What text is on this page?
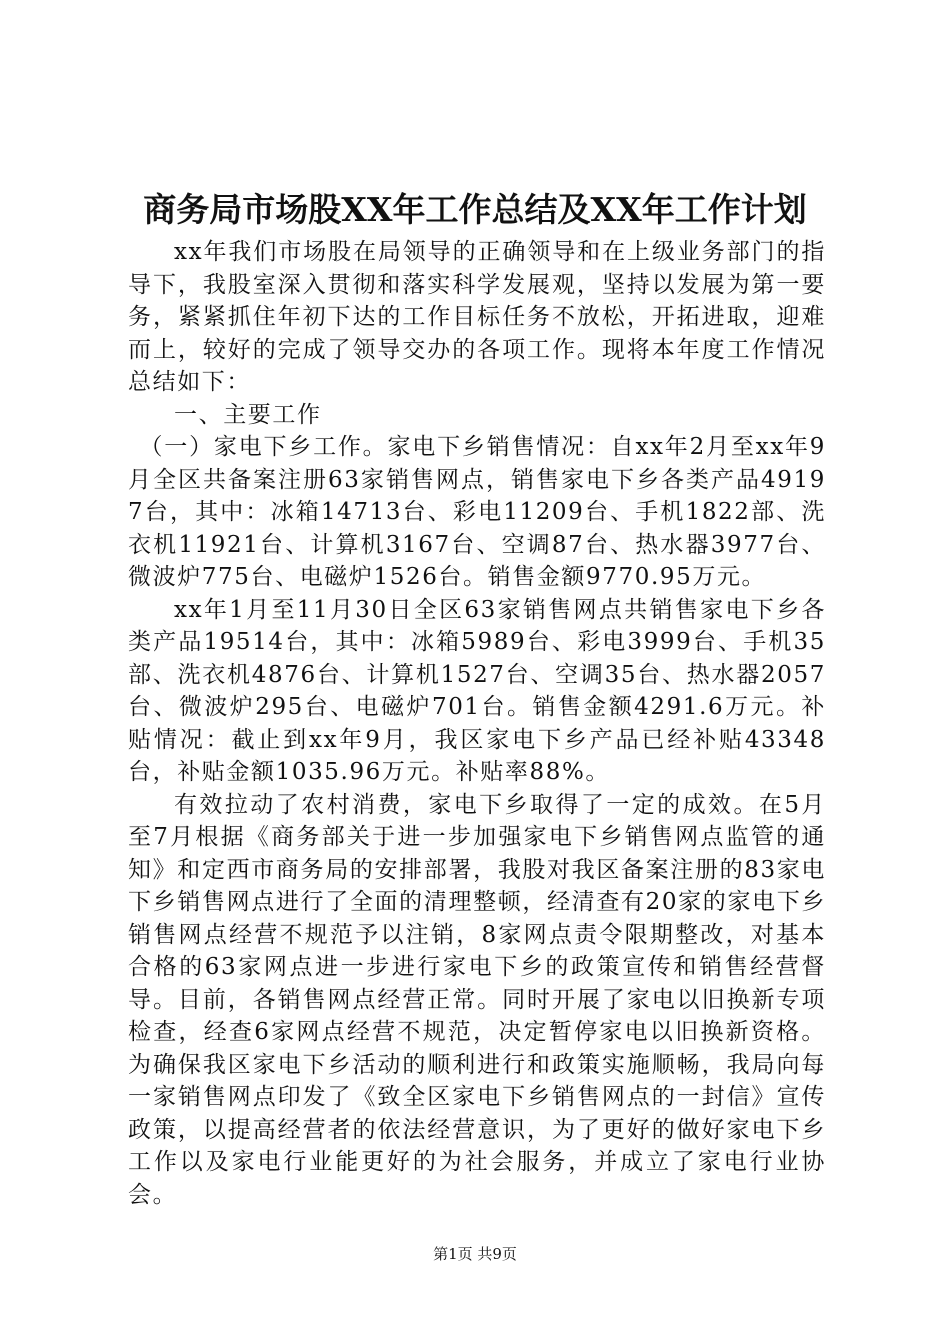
商务局市场股XX年工作总结及XX年工作计划

xx年我们市场股在局领导的正确领导和在上级业务部门的指导下，我股室深入贯彻和落实科学发展观，坚持以发展为第一要务，紧紧抓住年初下达的工作目标任务不放松，开拓进取，迎难而上，较好的完成了领导交办的各项工作。现将本年度工作情况总结如下：

一、主要工作

（一）家电下乡工作。家电下乡销售情况：自xx年2月至xx年9月全区共备案注册63家销售网点，销售家电下乡各类产品49197台，其中：冰箱14713台、彩电11209台、手机1822部、洗衣机11921台、计算机3167台、空调87台、热水器3977台、微波炉775台、电磁炉1526台。销售金额9770.95万元。

xx年1月至11月30日全区63家销售网点共销售家电下乡各类产品19514台，其中：冰箱5989台、彩电3999台、手机35部、洗衣机4876台、计算机1527台、空调35台、热水器2057台、微波炉295台、电磁炉701台。销售金额4291.6万元。补贴情况：截止到xx年9月，我区家电下乡产品已经补贴43348台，补贴金额1035.96万元。补贴率88%。

有效拉动了农村消费，家电下乡取得了一定的成效。在5月至7月根据《商务部关于进一步加强家电下乡销售网点监管的通知》和定西市商务局的安排部署，我股对我区备案注册的83家电下乡销售网点进行了全面的清理整顿，经清查有20家的家电下乡销售网点经营不规范予以注销，8家网点责令限期整改，对基本合格的63家网点进一步进行家电下乡的政策宣传和销售经营督导。目前，各销售网点经营正常。同时开展了家电以旧换新专项检查，经查6家网点经营不规范，决定暂停家电以旧换新资格。为确保我区家电下乡活动的顺利进行和政策实施顺畅，我局向每一家销售网点印发了《致全区家电下乡销售网点的一封信》宣传政策，以提高经营者的依法经营意识，为了更好的做好家电下乡工作以及家电行业能更好的为社会服务，并成立了家电行业协会。

第1页 共9页
